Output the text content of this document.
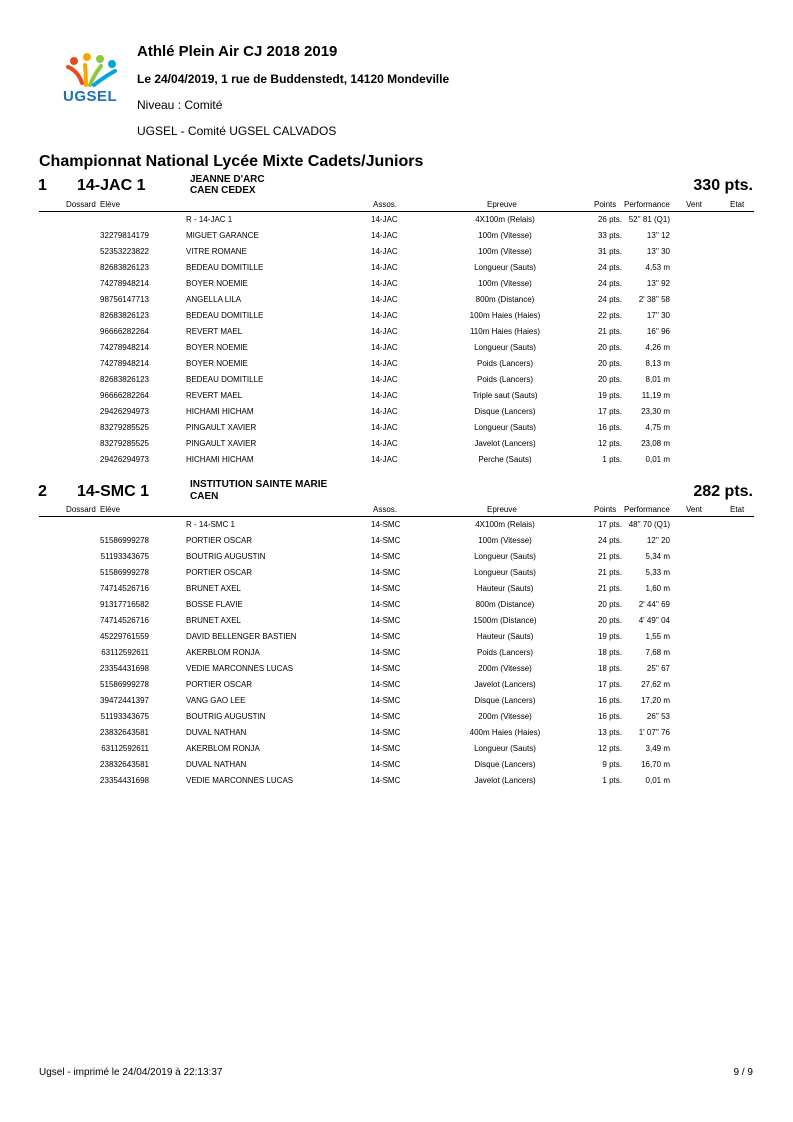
UGSEL
Athlé Plein Air CJ 2018 2019
Le 24/04/2019, 1 rue de Buddenstedt, 14120 Mondeville
Niveau : Comité
UGSEL - Comité UGSEL CALVADOS
Championnat National Lycée Mixte Cadets/Juniors
1 14-JAC 1	JEANNE D'ARC
CAEN CEDEX	330 pts.
Dossard Elève	Assos.	Epreuve	Points Performance Vent	Etat
R - 14-JAC 1	14-JAC	4X100m (Relais)	26 pts. 52'' 81 (Q1)
32279814179	MIGUET GARANCE	14-JAC	100m (Vitesse)	33 pts.	13'' 12
52353223822	VITRE ROMANE	14-JAC	100m (Vitesse)	31 pts.	13'' 30
82683826123	BEDEAU DOMITILLE	14-JAC	Longueur (Sauts)	24 pts.	4,53 m
74278948214	BOYER NOEMIE	14-JAC	100m (Vitesse)	24 pts.	13'' 92
98756147713	ANGELLA LILA	14-JAC	800m (Distance)	24 pts.	2' 38'' 58
82683826123	BEDEAU DOMITILLE	14-JAC	100m Haies (Haies)	22 pts.	17'' 30
96666282264	REVERT MAEL	14-JAC	110m Haies (Haies)	21 pts.	16'' 96
74278948214	BOYER NOEMIE	14-JAC	Longueur (Sauts)	20 pts.	4,26 m
74278948214	BOYER NOEMIE	14-JAC	Poids (Lancers)	20 pts.	8,13 m
82683826123	BEDEAU DOMITILLE	14-JAC	Poids (Lancers)	20 pts.	8,01 m
96666282264	REVERT MAEL	14-JAC	Triple saut (Sauts)	19 pts.	11,19 m
29426294973	HICHAMI HICHAM	14-JAC	Disque (Lancers)	17 pts.	23,30 m
83279285525	PINGAULT XAVIER	14-JAC	Longueur (Sauts)	16 pts.	4,75 m
83279285525	PINGAULT XAVIER	14-JAC	Javelot (Lancers)	12 pts.	23,08 m
29426294973	HICHAMI HICHAM	14-JAC	Perche (Sauts)	1 pts.	0,01 m
2 14-SMC 1	INSTITUTION SAINTE MARIE
CAEN	282 pts.
Dossard Elève	Assos.	Epreuve	Points Performance Vent	Etat
R - 14-SMC 1	14-SMC	4X100m (Relais)	17 pts. 48'' 70 (Q1)
51586999278	PORTIER OSCAR	14-SMC	100m (Vitesse)	24 pts.	12'' 20
51193343675	BOUTRIG AUGUSTIN	14-SMC	Longueur (Sauts)	21 pts.	5,34 m
51586999278	PORTIER OSCAR	14-SMC	Longueur (Sauts)	21 pts.	5,33 m
74714526716	BRUNET AXEL	14-SMC	Hauteur (Sauts)	21 pts.	1,60 m
91317716582	BOSSE FLAVIE	14-SMC	800m (Distance)	20 pts.	2' 44'' 69
74714526716	BRUNET AXEL	14-SMC	1500m (Distance)	20 pts.	4' 49'' 04
45229761559	DAVID BELLENGER BASTIEN	14-SMC	Hauteur (Sauts)	19 pts.	1,55 m
63112592611	AKERBLOM RONJA	14-SMC	Poids (Lancers)	18 pts.	7,68 m
23354431698	VEDIE MARCONNES LUCAS	14-SMC	200m (Vitesse)	18 pts.	25'' 67
51586999278	PORTIER OSCAR	14-SMC	Javelot (Lancers)	17 pts.	27,62 m
39472441397	VANG GAO LEE	14-SMC	Disque (Lancers)	16 pts.	17,20 m
51193343675	BOUTRIG AUGUSTIN	14-SMC	200m (Vitesse)	16 pts.	26'' 53
23832643581	DUVAL NATHAN	14-SMC	400m Haies (Haies)	13 pts.	1' 07'' 76
63112592611	AKERBLOM RONJA	14-SMC	Longueur (Sauts)	12 pts.	3,49 m
23832643581	DUVAL NATHAN	14-SMC	Disque (Lancers)	9 pts.	16,70 m
23354431698	VEDIE MARCONNES LUCAS	14-SMC	Javelot (Lancers)	1 pts.	0,01 m
Ugsel - imprimé le 24/04/2019 à 22:13:37	9 / 9
